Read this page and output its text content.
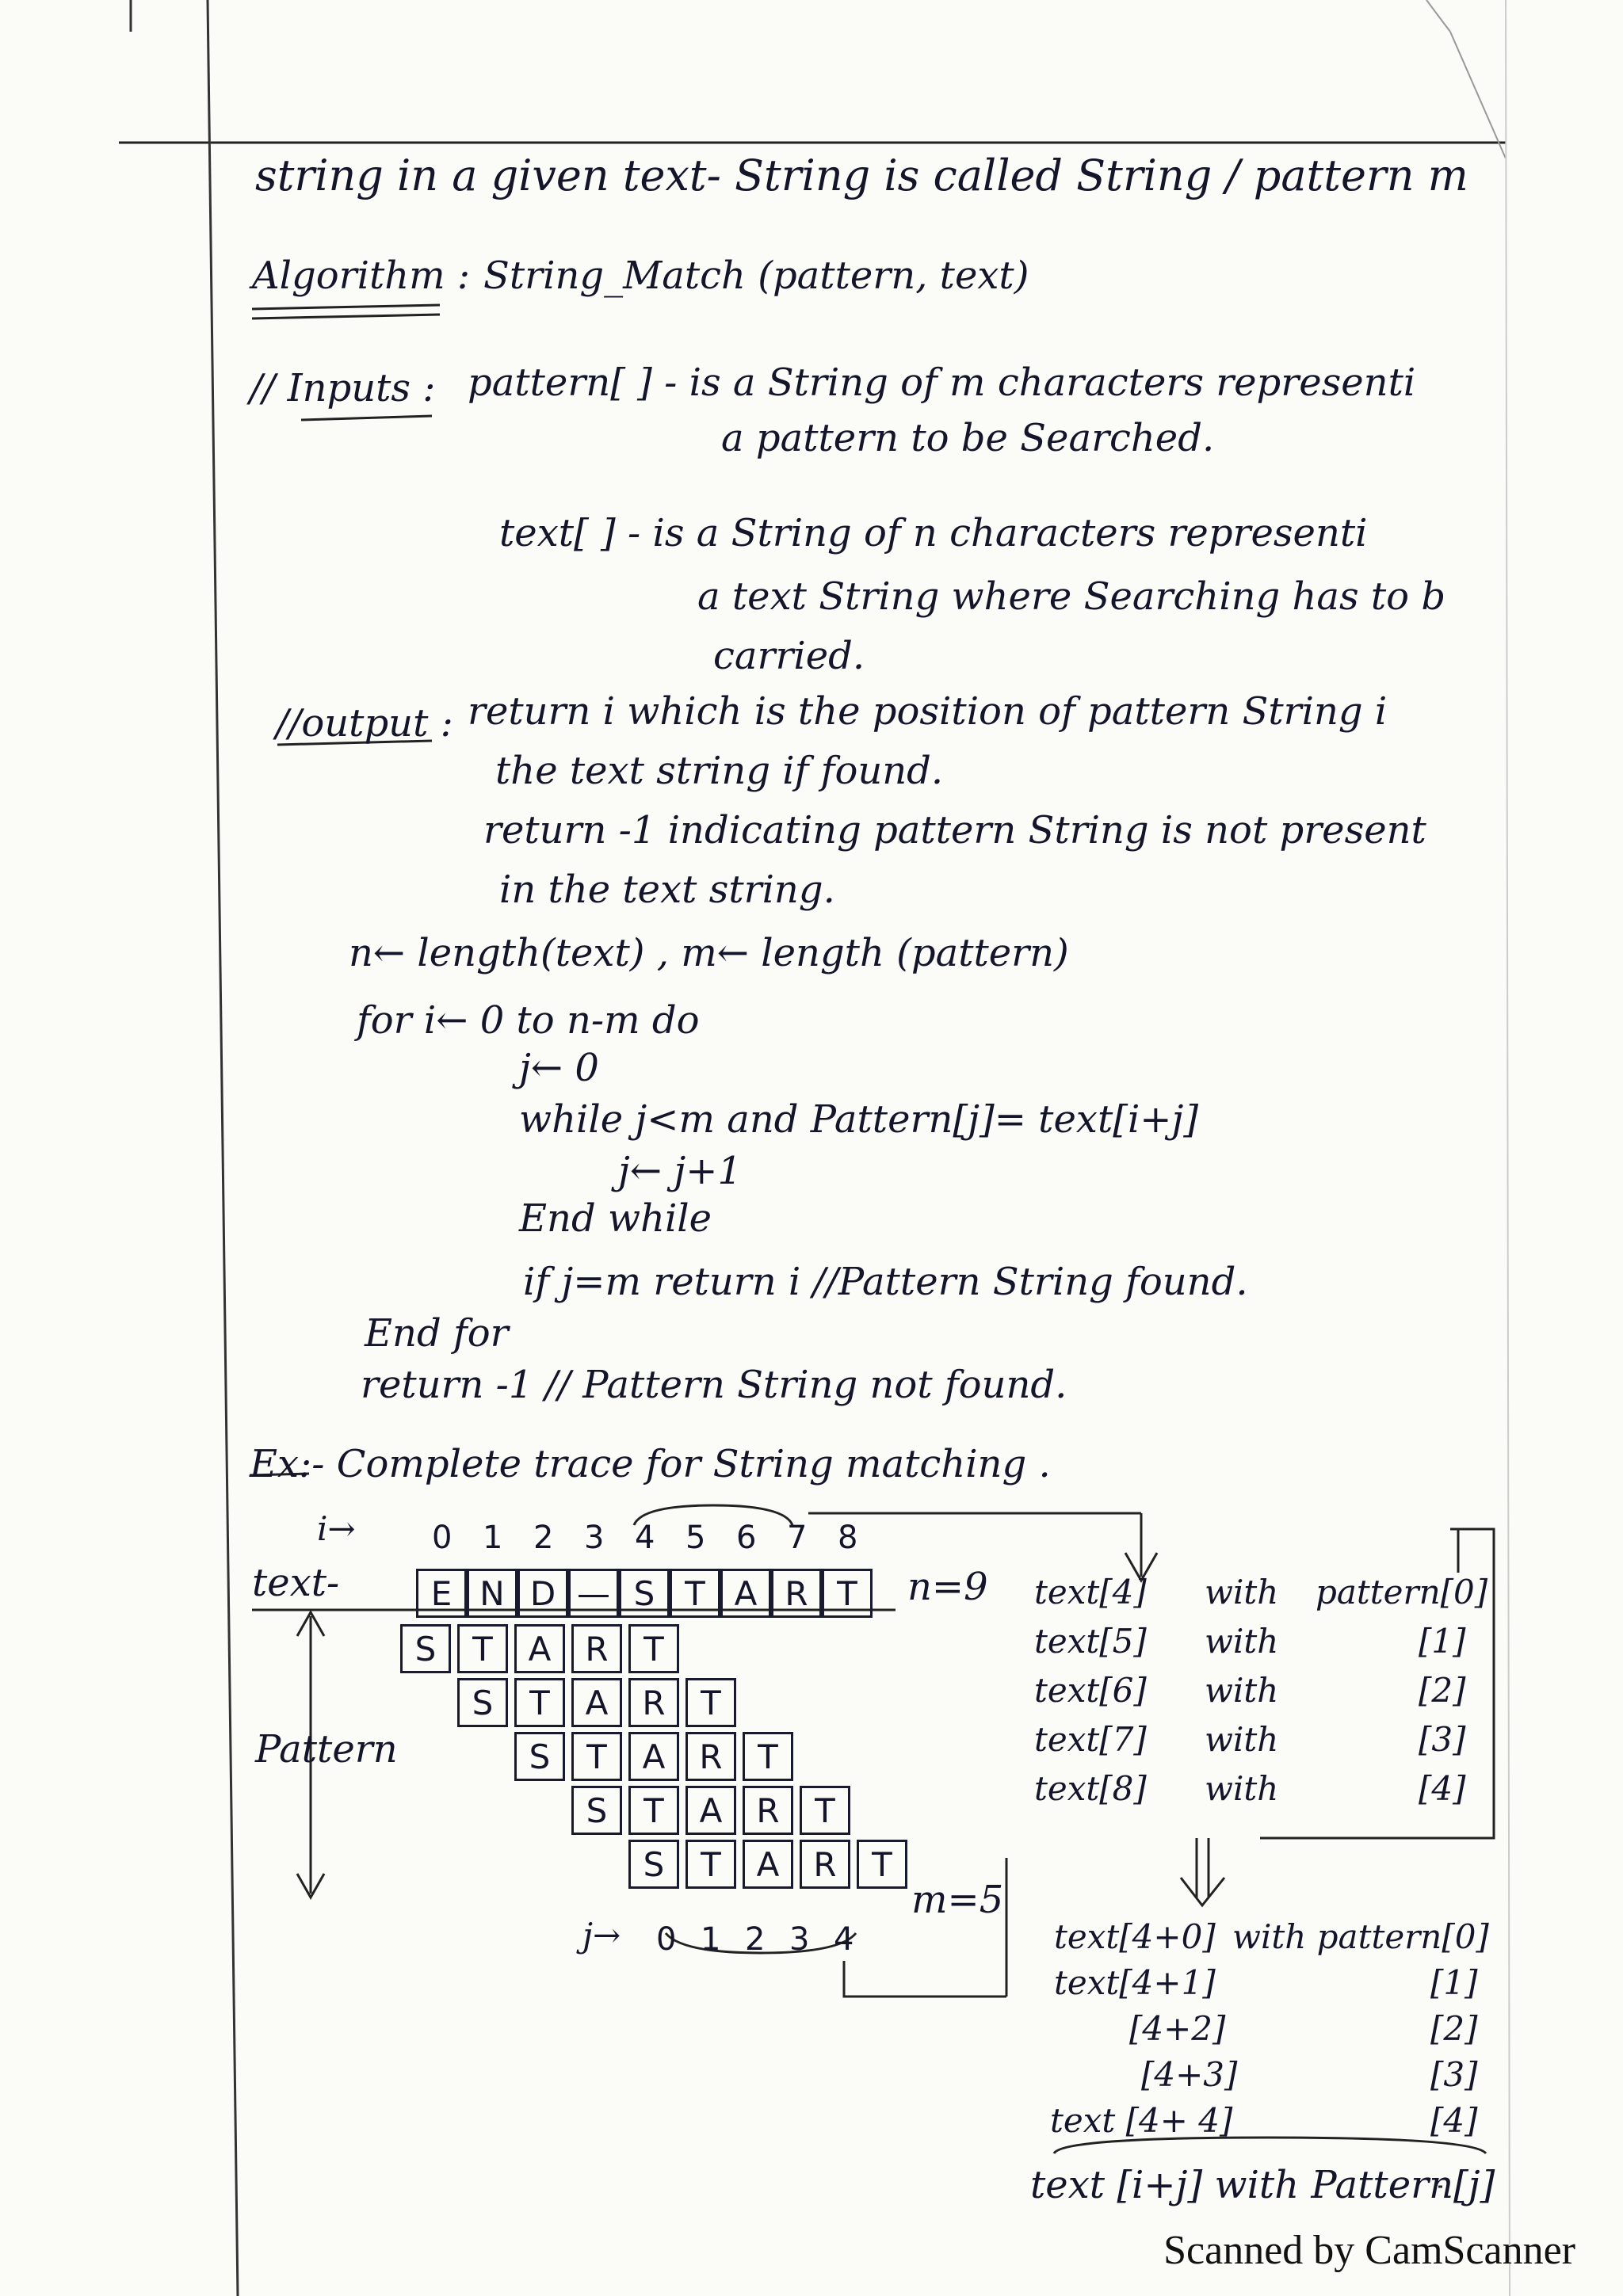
string in a given text- String is called String / pattern m
Algorithm : String_Match (pattern, text)
// Inputs : pattern[ ] - is a String of m characters representi
a pattern to be Searched.
text[ ] - is a String of n characters representi
a text String where Searching has to b
carried.
//output : return i which is the position of pattern String i
the text string if found.
return -1 indicating pattern String is not present
in the text string.
n← length(text) , m← length (pattern)
for i← 0 to n-m do
j← 0
while j<m and Pattern[j]= text[i+j]
j← j+1
End while
if j=m return i //Pattern String found.
End for
return -1 // Pattern String not found.
Ex:- Complete trace for String matching .
i→ 0 1 2 3 4 5 6 7 8
text-	E N D — S T A R T	n=9
Pattern
S	T	A	R	T
S	T	A	R	T
S	T	A	R	T
S	T	A	R	T
S	T	A	R	T
m=5
j→ 0 1 2 3 4
text[4] with pattern[0]
text[5] with	[1]
text[6] with	[2]
text[7] with	[3]
text[8] with	[4]
text[4+0] with pattern[0]
text[4+1]	[1]
[4+2]	[2]
[4+3]	[3]
text [4+ 4]	[4]
text [i+j] with Pattern[j]
Scanned by CamScanner
